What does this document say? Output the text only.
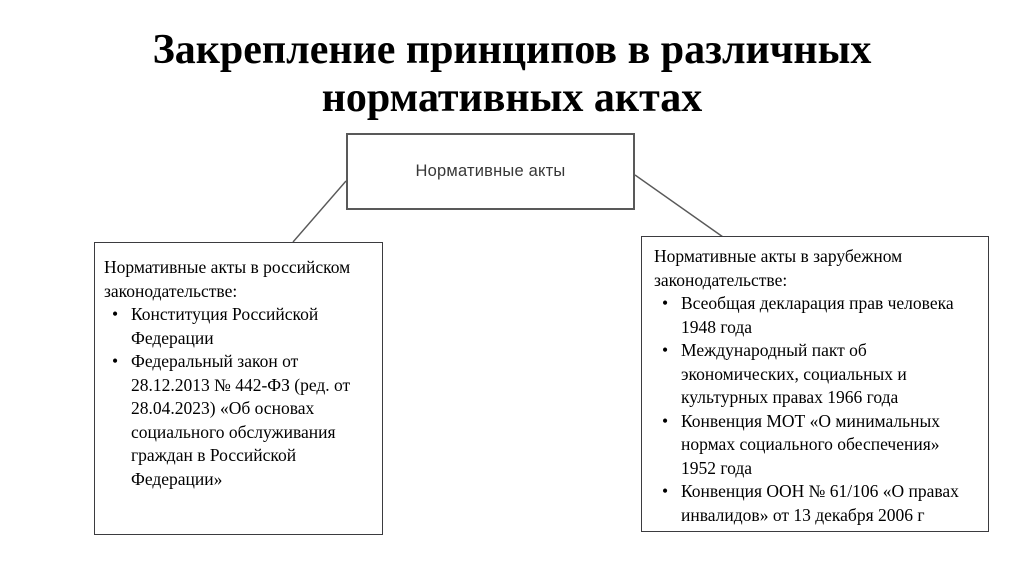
Закрепление принципов в различных нормативных актах
Нормативные акты

Нормативные акты в российском законодательстве:

• Конституция Российской Федерации
• Федеральный закон от 28.12.2013 № 442-ФЗ (ред. от 28.04.2023) «Об основах социального обслуживания граждан в Российской Федерации»

Нормативные акты в зарубежном законодательстве:

• Всеобщая декларация прав человека 1948 года
• Международный пакт об экономических, социальных и культурных правах 1966 года
• Конвенция МОТ «О минимальных нормах социального обеспечения» 1952 года
• Конвенция ООН № 61/106 «О правах инвалидов» от 13 декабря 2006 г
